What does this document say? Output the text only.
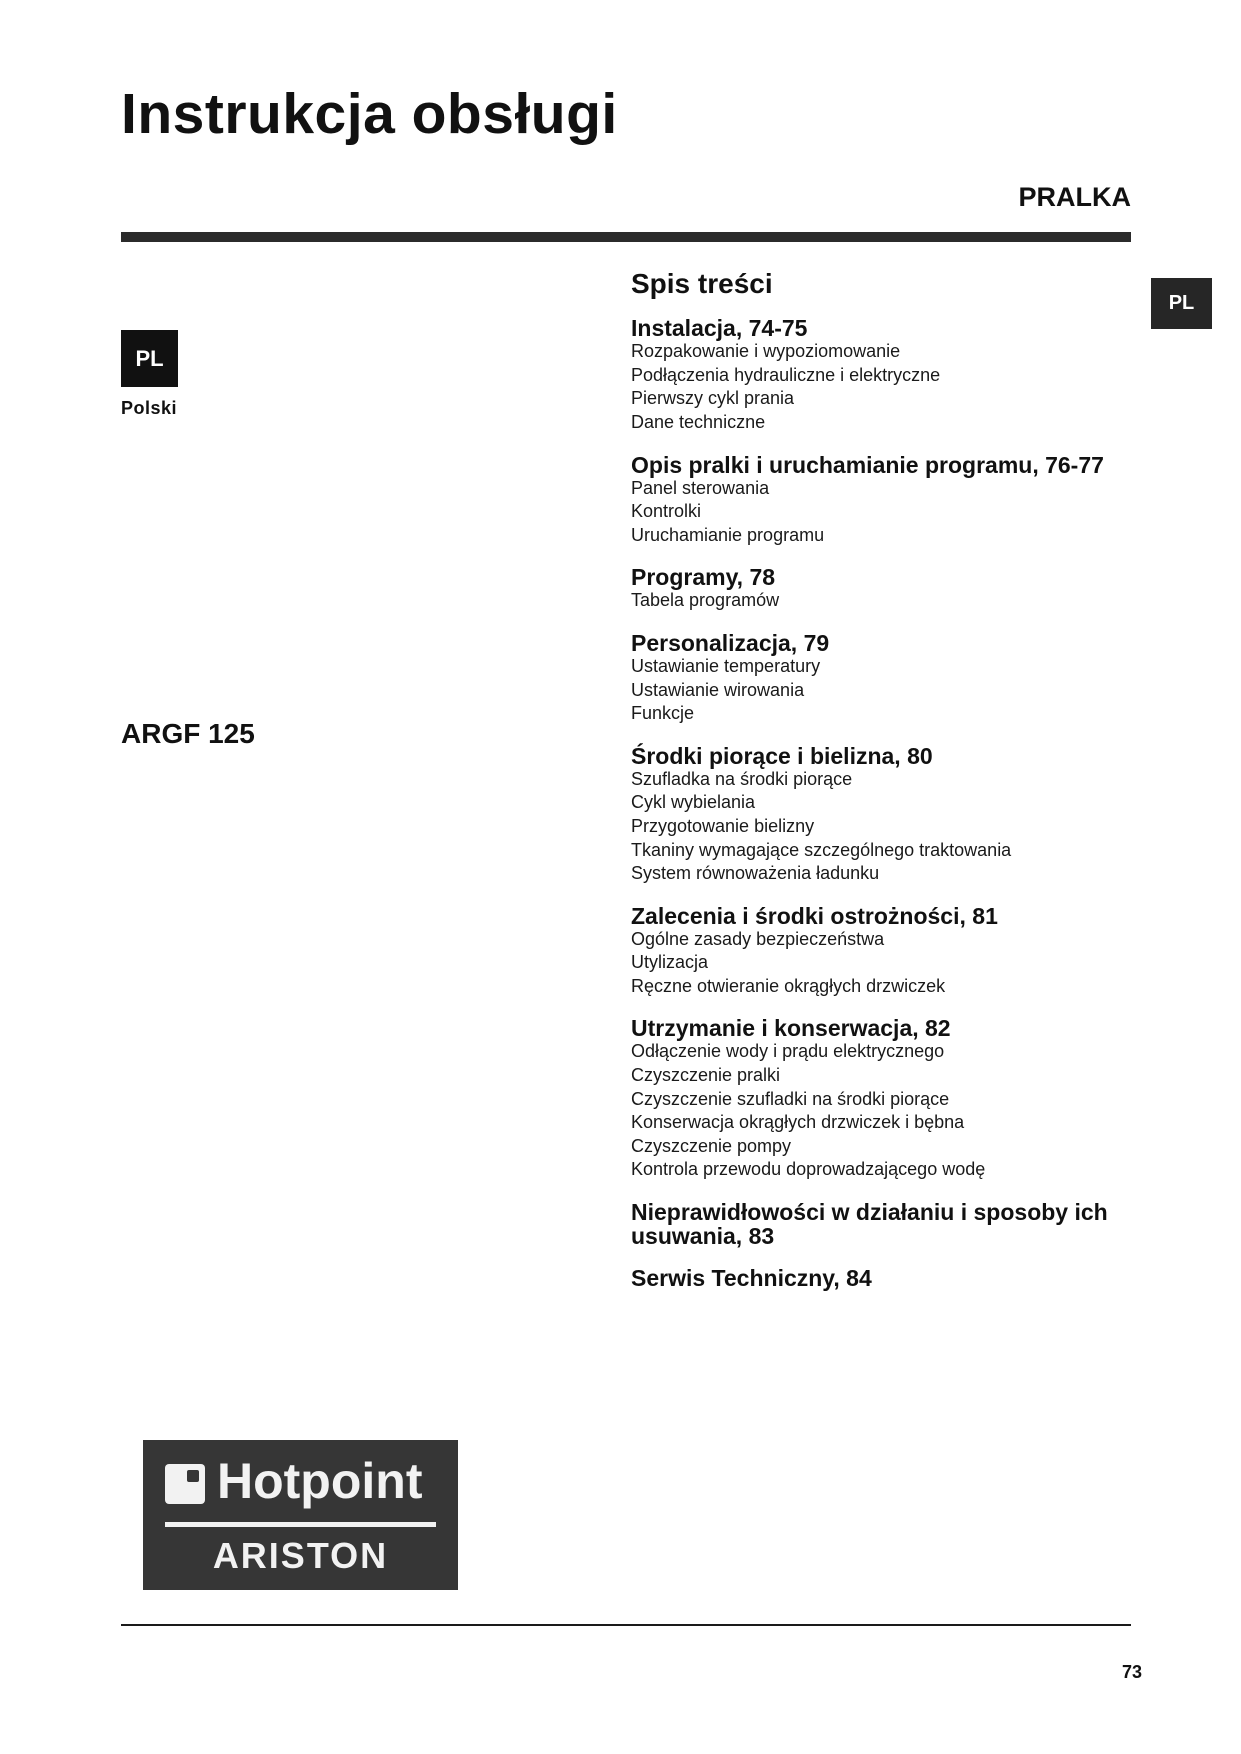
Instrukcja obsługi
PRALKA
PL
PL
Polski
ARGF 125
Spis treści
Instalacja, 74-75
Rozpakowanie i wypoziomowanie
Podłączenia hydrauliczne i elektryczne
Pierwszy cykl prania
Dane techniczne
Opis pralki i uruchamianie programu, 76-77
Panel sterowania
Kontrolki
Uruchamianie programu
Programy, 78
Tabela programów
Personalizacja, 79
Ustawianie temperatury
Ustawianie wirowania
Funkcje
Środki piorące i bielizna, 80
Szufladka na środki piorące
Cykl wybielania
Przygotowanie bielizny
Tkaniny wymagające szczególnego traktowania
System równoważenia ładunku
Zalecenia i środki ostrożności, 81
Ogólne zasady bezpieczeństwa
Utylizacja
Ręczne otwieranie okrągłych drzwiczek
Utrzymanie i konserwacja, 82
Odłączenie wody i prądu elektrycznego
Czyszczenie pralki
Czyszczenie szufladki na środki piorące
Konserwacja okrągłych drzwiczek i bębna
Czyszczenie pompy
Kontrola przewodu doprowadzającego wodę
Nieprawidłowości w działaniu i sposoby ich usuwania, 83
Serwis Techniczny, 84
Hotpoint
ARISTON
73
